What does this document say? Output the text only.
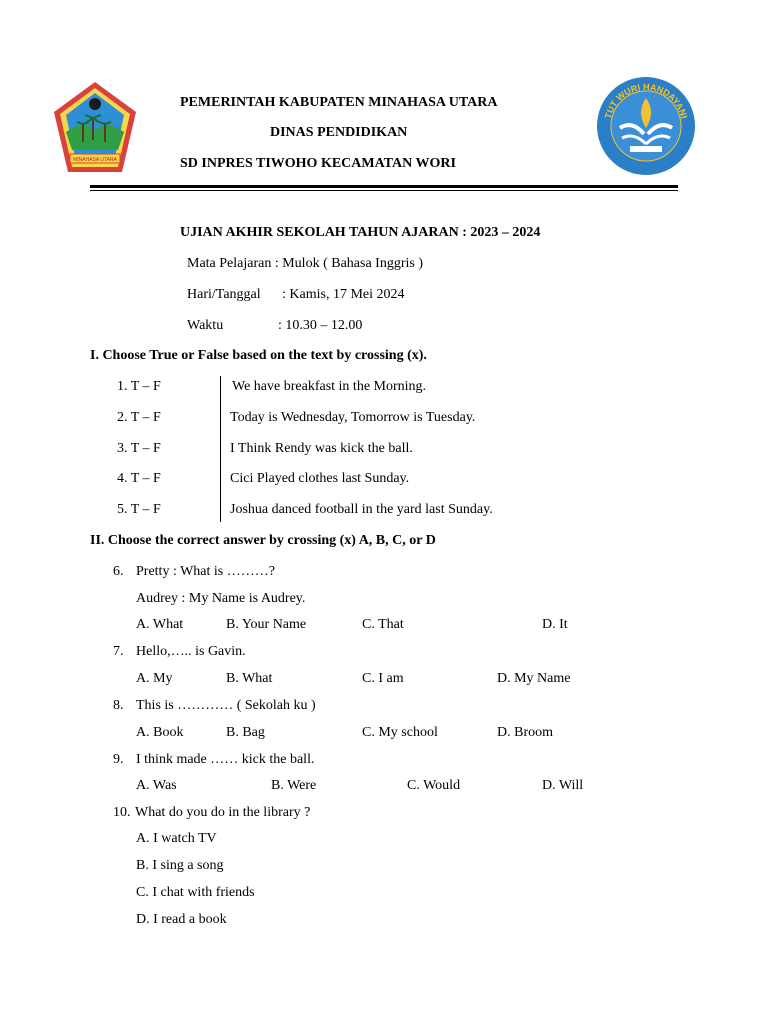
MINAHASA UTARA
TUT WURI HANDAYANI
PEMERINTAH KABUPATEN MINAHASA UTARA
DINAS PENDIDIKAN
SD INPRES TIWOHO KECAMATAN WORI
UJIAN AKHIR SEKOLAH TAHUN AJARAN : 2023 – 2024
Mata Pelajaran : Mulok ( Bahasa Inggris )
Hari/Tanggal : Kamis, 17 Mei 2024
Waktu	: 10.30 – 12.00
I. Choose True or False based on the text by crossing (x).
1. T – F	We have breakfast in the Morning.
2. T – F	Today is Wednesday, Tomorrow is Tuesday.
3. T – F	I Think Rendy was kick the ball.
4. T – F	Cici Played clothes last Sunday.
5. T – F	Joshua danced football in the yard last Sunday.
II. Choose the correct answer by crossing (x) A, B, C, or D
6. Pretty : What is ………?
Audrey : My Name is Audrey.
A. What	B. Your Name	C. That	D. It
7. Hello,….. is Gavin.
A. My	B. What	C. I am	D. My Name
8. This is ………… ( Sekolah ku )
A. Book	B. Bag	C. My school	D. Broom
9. I think made …… kick the ball.
A. Was	B. Were	C. Would	D. Will
10. What do you do in the library ?
A. I watch TV
B. I sing a song
C. I chat with friends
D. I read a book
